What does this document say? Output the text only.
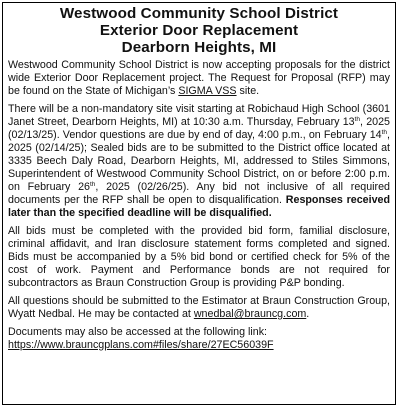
Westwood Community School District
Exterior Door Replacement
Dearborn Heights, MI

Westwood Community School District is now accepting proposals for the district wide Exterior Door Replacement project. The Request for Proposal (RFP) may be found on the State of Michigan’s SIGMA VSS site.

There will be a non-mandatory site visit starting at Robichaud High School (3601 Janet Street, Dearborn Heights, MI) at 10:30 a.m. Thursday, February 13th, 2025 (02/13/25). Vendor questions are due by end of day, 4:00 p.m., on February 14th, 2025 (02/14/25); Sealed bids are to be submitted to the District office located at 3335 Beech Daly Road, Dearborn Heights, MI, addressed to Stiles Simmons, Superintendent of Westwood Community School District, on or before 2:00 p.m. on February 26th, 2025 (02/26/25). Any bid not inclusive of all required documents per the RFP shall be open to disqualification. Responses received later than the specified deadline will be disqualified.

All bids must be completed with the provided bid form, familial disclosure, criminal affidavit, and Iran disclosure statement forms completed and signed. Bids must be accompanied by a 5% bid bond or certified check for 5% of the cost of work. Payment and Performance bonds are not required for subcontractors as Braun Construction Group is providing P&P bonding.

All questions should be submitted to the Estimator at Braun Construction Group, Wyatt Nedbal. He may be contacted at wnedbal@brauncg.com.

Documents may also be accessed at the following link:
https://www.brauncgplans.com#files/share/27EC56039F
